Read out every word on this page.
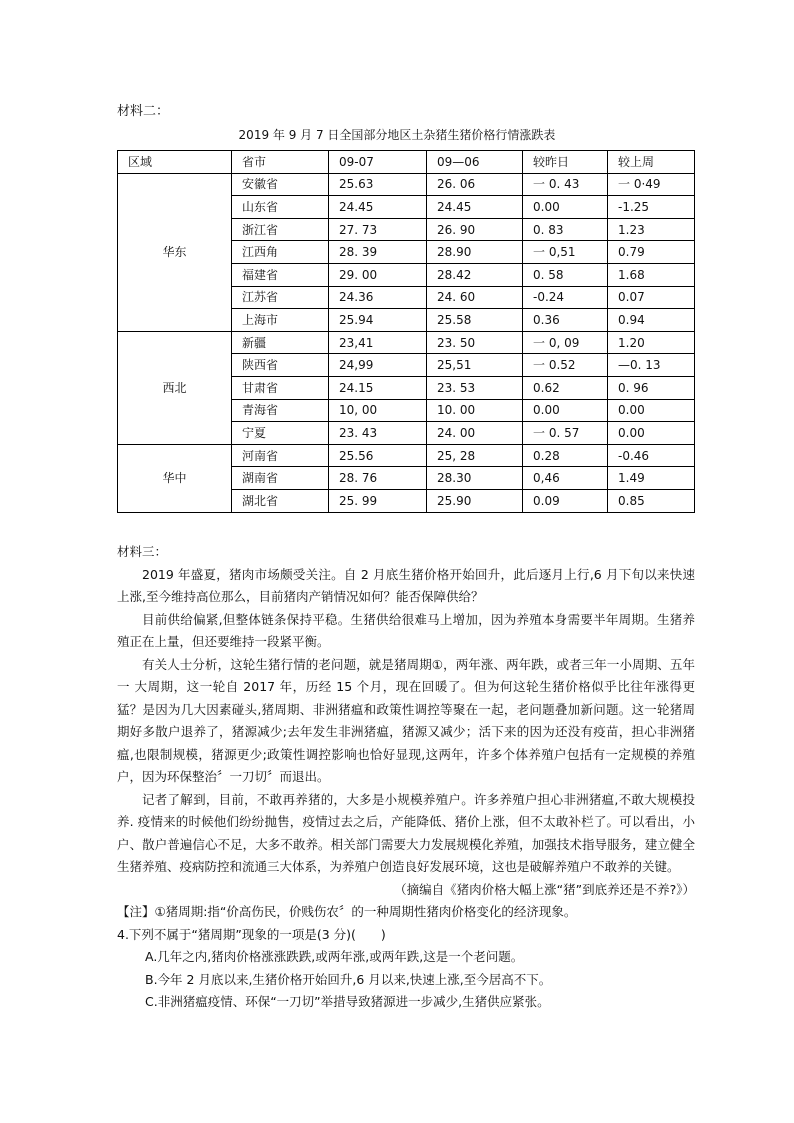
材料二：
2019 年 9 月 7 日全国部分地区土杂猪生猪价格行情涨跌表
区域	省市	09-07	09—06	较昨日	较上周
华东	安徽省	25.63	26. 06	一 0. 43	一 0·49
	山东省	24.45	24.45	0.00	-1.25
	浙江省	27. 73	26. 90	0. 83	1.23
	江西角	28. 39	28.90	一 0,51	0.79
	福建省	29. 00	28.42	0. 58	1.68
	江苏省	24.36	24. 60	-0.24	0.07
	上海市	25.94	25.58	0.36	0.94
西北	新疆	23,41	23. 50	一 0, 09	1.20
	陕西省	24,99	25,51	一 0.52	—0. 13
	甘肃省	24.15	23. 53	0.62	0. 96
	青海省	10, 00	10. 00	0.00	0.00
	宁夏	23. 43	24. 00	一 0. 57	0.00
华中	河南省	25.56	25, 28	0.28	-0.46
	湖南省	28. 76	28.30	0,46	1.49
	湖北省	25. 99	25.90	0.09	0.85

材料三：

2019 年盛夏，猪肉市场颇受关注。自 2 月底生猪价格开始回升，此后逐月上行,6 月下旬以来快速上涨,至今维持高位那么，目前猪肉产销情况如何？能否保障供给？

目前供给偏紧,但整体链条保持平稳。生猪供给很难马上增加，因为养殖本身需要半年周期。生猪养殖正在上量，但还要维持一段紧平衡。

有关人士分析，这轮生猪行情的老问题，就是猪周期①，两年涨、两年跌，或者三年一小周期、五年一 大周期，这一轮自 2017 年，历经 15 个月，现在回暖了。但为何这轮生猪价格似乎比往年涨得更猛？是因为几大因素碰头,猪周期、非洲猪瘟和政策性调控等聚在一起，老问题叠加新问题。这一轮猪周期好多散户退养了，猪源减少;去年发生非洲猪瘟，猪源又减少；活下来的因为还没有疫苗，担心非洲猪瘟,也限制规模，猪源更少;政策性调控影响也恰好显现,这两年，许多个体养殖户包括有一定规模的养殖户，因为环保整治〞一刀切〞而退出。

记者了解到，目前，不敢再养猪的，大多是小规模养殖户。许多养殖户担心非洲猪瘟,不敢大规模投养. 疫情来的时候他们纷纷抛售，疫情过去之后，产能降低、猪价上涨，但不太敢补栏了。可以看出，小户、散户普遍信心不足，大多不敢养。相关部门需要大力发展规模化养殖，加强技术指导服务，建立健全生猪养殖、疫病防控和流通三大体系，为养殖户创造良好发展环境，这也是破解养殖户不敢养的关键。

（摘编自《猪肉价格大幅上涨“猪”到底养还是不养?》）

【注】①猪周期:指“价高伤民，价贱伤农〞的一种周期性猪肉价格变化的经济现象。

4.下列不属于“猪周期”现象的一项是(3 分)(　　)

A.几年之内,猪肉价格涨涨跌跌,或两年涨,或两年跌,这是一个老问题。

B.今年 2 月底以来,生猪价格开始回升,6 月以来,快速上涨,至今居高不下。

C.非洲猪瘟疫情、环保“一刀切”举措导致猪源进一步减少,生猪供应紧张。
